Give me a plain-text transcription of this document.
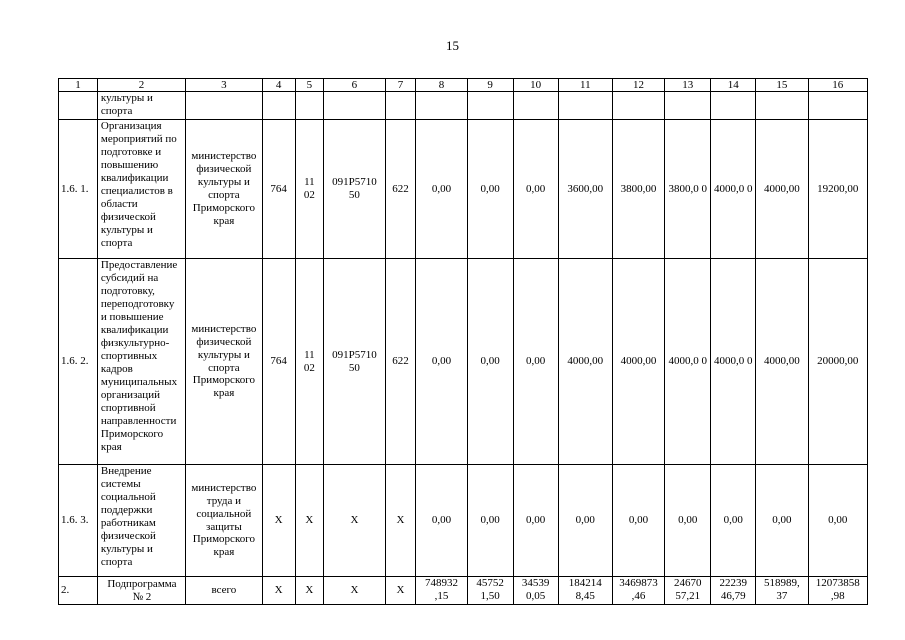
15
1	2	3	4	5	6	7	8	9	10	11	12	13	14	15	16
	культуры и спорта														
1.6. 1.	Организация мероприятий по подготовке и повышению квалификации специалистов в области физической культуры и спорта	министерство физической культуры и спорта Приморского края	764	11 02	091Р5710 50	622	0,00	0,00	0,00	3600,00	3800,00	3800,0 0	4000,0 0	4000,00	19200,00
1.6. 2.	Предоставление субсидий на подготовку, переподготовку и повышение квалификации физкультурно-спортивных кадров муниципальных организаций спортивной направленности Приморского края	министерство физической культуры и спорта Приморского края	764	11 02	091Р5710 50	622	0,00	0,00	0,00	4000,00	4000,00	4000,0 0	4000,0 0	4000,00	20000,00
1.6. 3.	Внедрение системы социальной поддержки работникам физической культуры и спорта	министерство труда и социальной защиты Приморского края	Х	Х	Х	Х	0,00	0,00	0,00	0,00	0,00	0,00	0,00	0,00	0,00
2.	Подпрограмма № 2	всего	Х	Х	Х	Х	748932 ,15	45752 1,50	34539 0,05	184214 8,45	3469873 ,46	24670 57,21	22239 46,79	518989, 37	12073858 ,98
